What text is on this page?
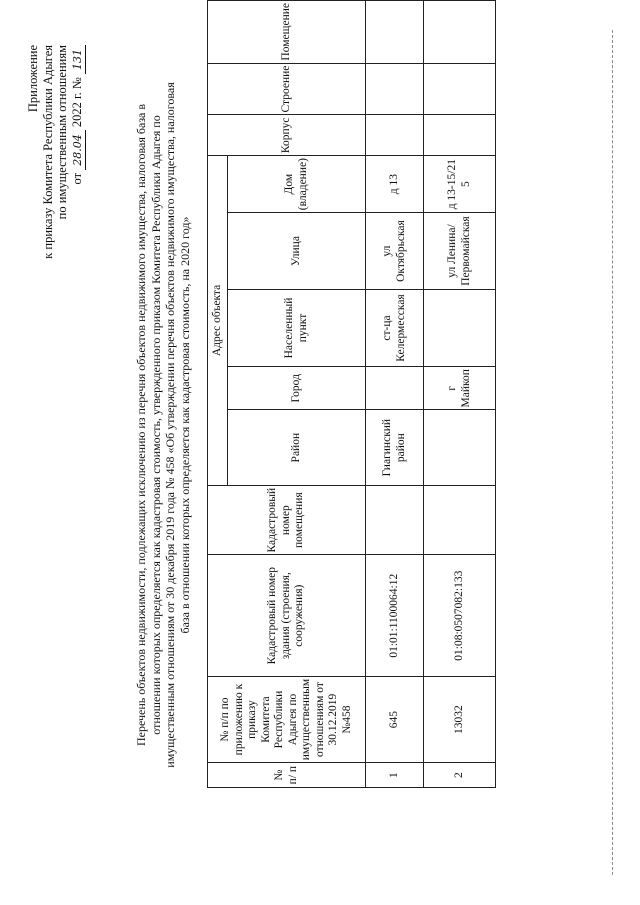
Приложение к приказу Комитета Республики Адыгея по имущественным отношениям от 28.04 2022 г. № 131
Перечень объектов недвижимости, подлежащих исключению из перечня объектов недвижимого имущества, налоговая база в отношении которых определяется как кадастровая стоимость, утвержденного приказом Комитета Республики Адыгея по имущественным отношениям от 30 декабря 2019 года № 458 «Об утверждении перечня объектов недвижимого имущества, налоговая база в отношении которых определяется как кадастровая стоимость, на 2020 год»
№ п/ п	№ п/п по приложению к приказу Комитета Республики Адыгея по имущественным отношениям от 30.12.2019 №458	Кадастровый номер здания (строения, сооружения)	Кадастровый номер помещения	Адрес объекта					Корпус	Строение	Помещение
				Район	Город	Населенный пункт	Улица	Дом (владение)			
1	645	01:01:1100064:12		Гиагинский район		ст-ца Келермесская	ул Октябрьская	д 13			
2	13032	01:08:0507082:133			г Майкоп		ул Ленина/Первомайская	д 13-15/21 5			
